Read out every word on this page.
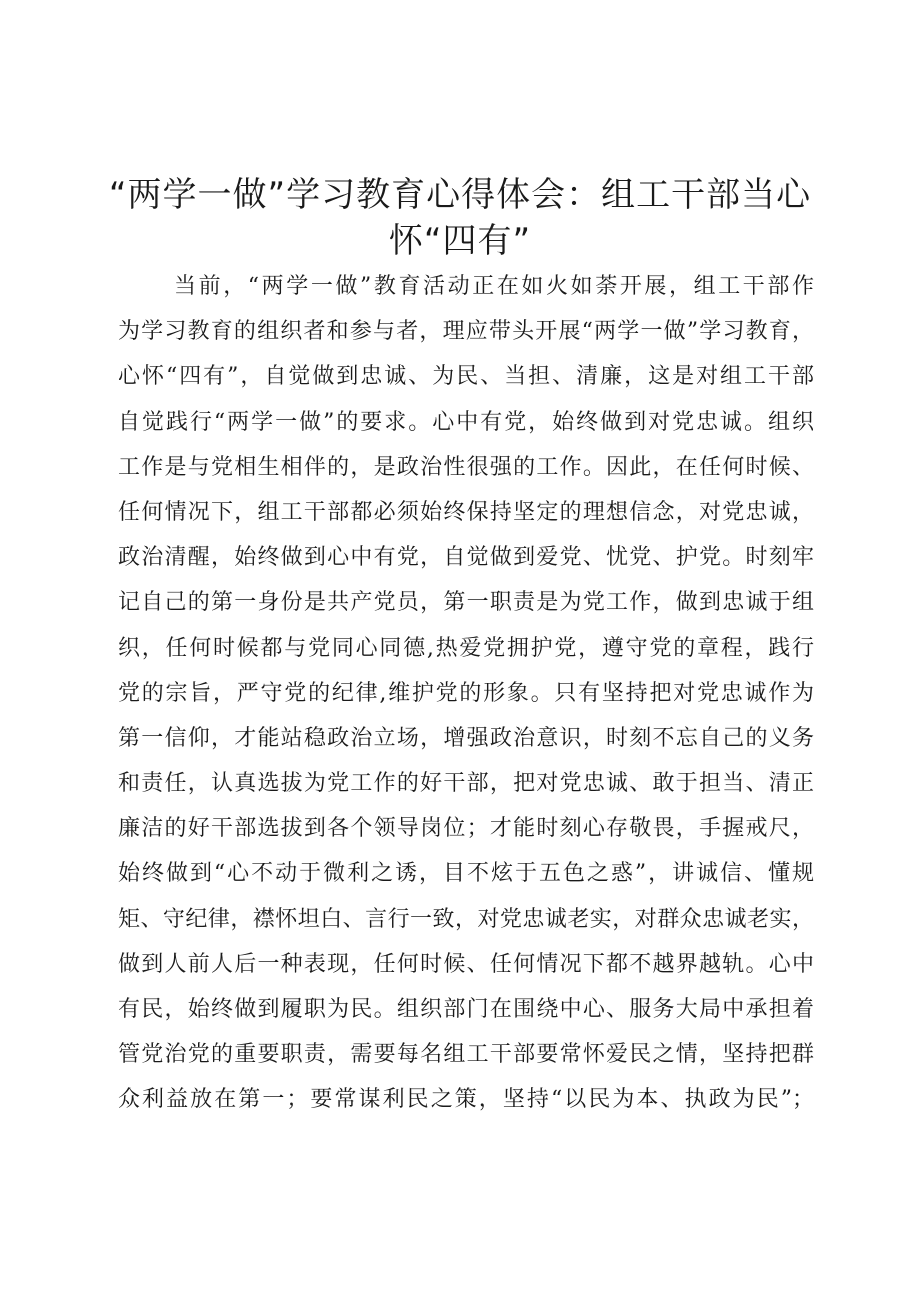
“两学一做”学习教育心得体会：组工干部当心
怀“四有”
当前，“两学一做”教育活动正在如火如荼开展，组工干部作
为学习教育的组织者和参与者，理应带头开展“两学一做”学习教育，
心怀“四有”，自觉做到忠诚、为民、当担、清廉，这是对组工干部
自觉践行“两学一做”的要求。心中有党，始终做到对党忠诚。组织
工作是与党相生相伴的，是政治性很强的工作。因此，在任何时候、
任何情况下，组工干部都必须始终保持坚定的理想信念，对党忠诚，
政治清醒，始终做到心中有党，自觉做到爱党、忧党、护党。时刻牢
记自己的第一身份是共产党员，第一职责是为党工作，做到忠诚于组
织，任何时候都与党同心同德,热爱党拥护党，遵守党的章程，践行
党的宗旨，严守党的纪律,维护党的形象。只有坚持把对党忠诚作为
第一信仰，才能站稳政治立场，增强政治意识，时刻不忘自己的义务
和责任，认真选拔为党工作的好干部，把对党忠诚、敢于担当、清正
廉洁的好干部选拔到各个领导岗位；才能时刻心存敬畏，手握戒尺，
始终做到“心不动于微利之诱，目不炫于五色之惑”，讲诚信、懂规
矩、守纪律，襟怀坦白、言行一致，对党忠诚老实，对群众忠诚老实，
做到人前人后一种表现，任何时候、任何情况下都不越界越轨。心中
有民，始终做到履职为民。组织部门在围绕中心、服务大局中承担着
管党治党的重要职责，需要每名组工干部要常怀爱民之情，坚持把群
众利益放在第一；要常谋利民之策，坚持“以民为本、执政为民”；
